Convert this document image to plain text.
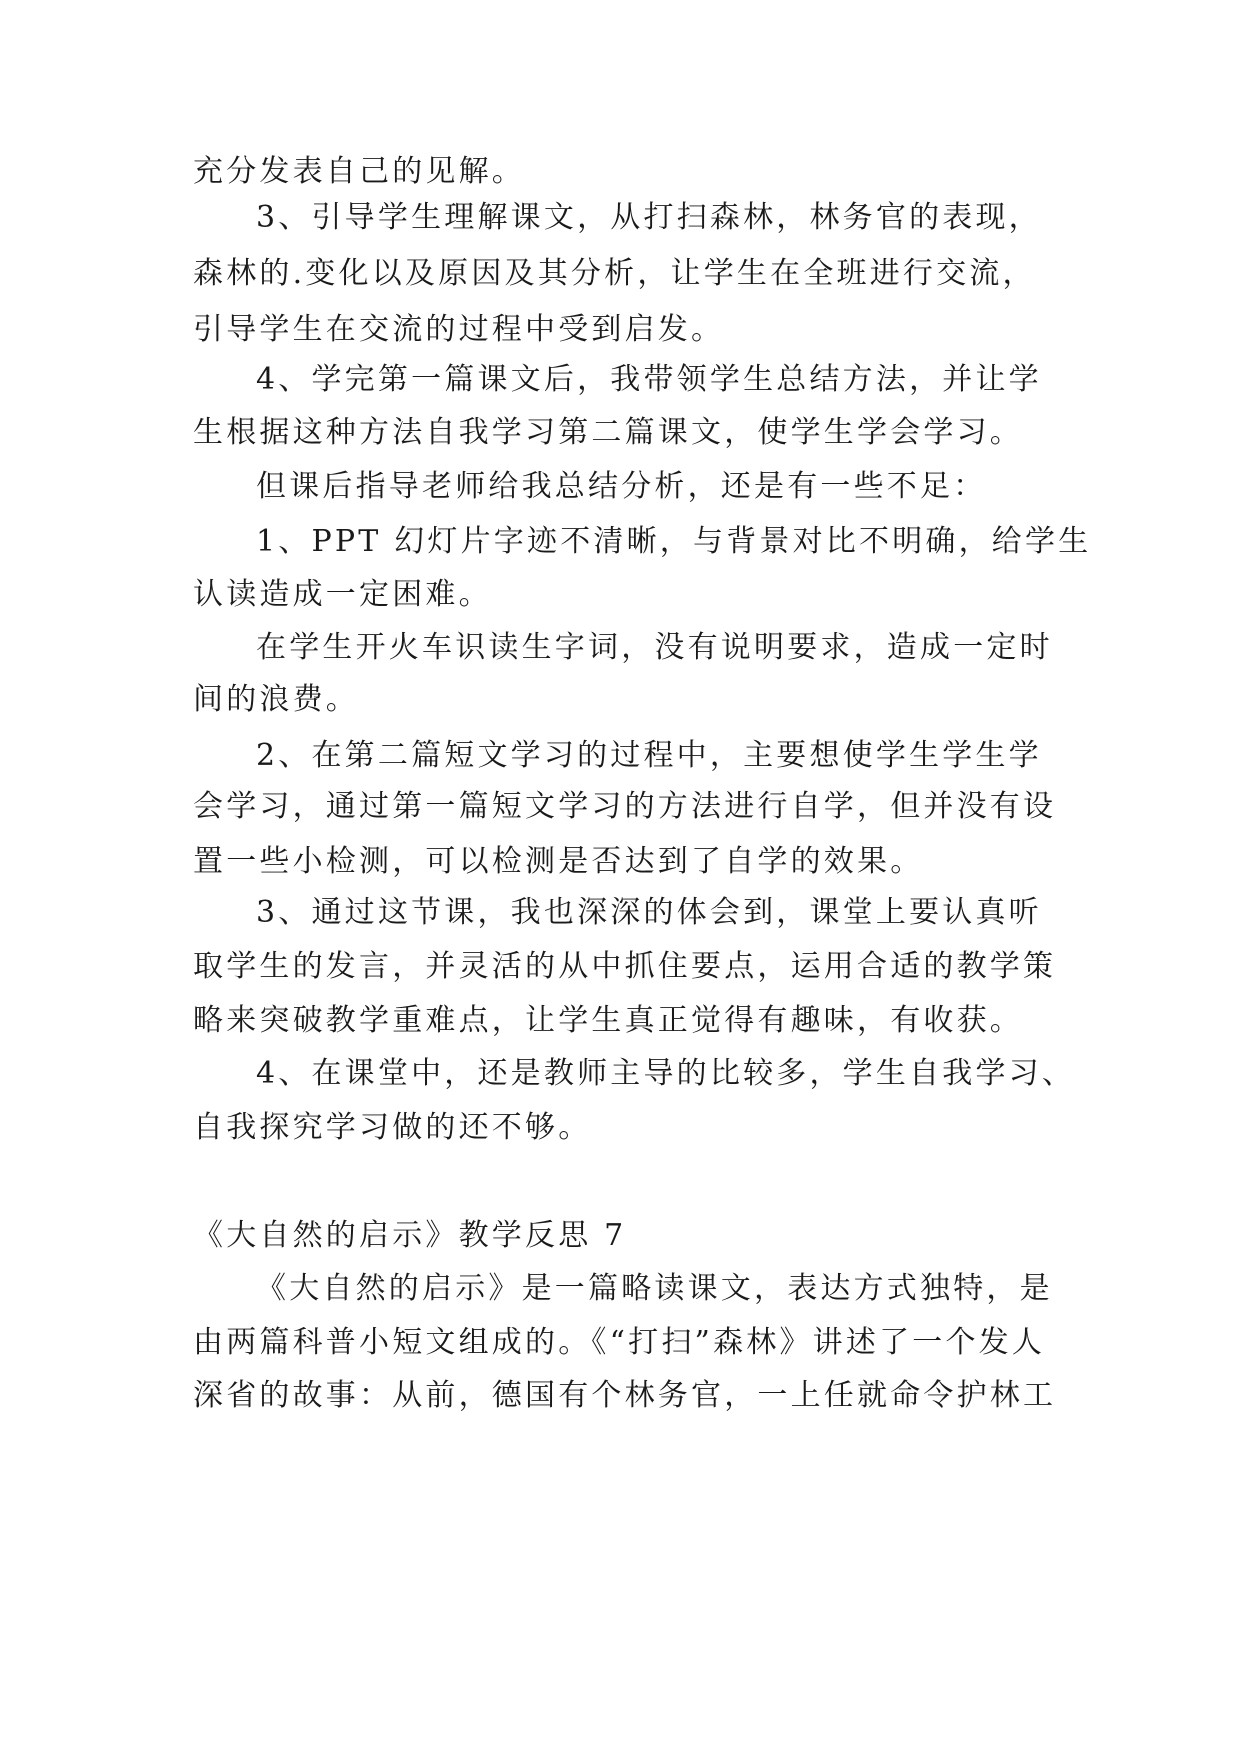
充分发表自己的见解。

3、引导学生理解课文，从打扫森林，林务官的表现，

森林的.变化以及原因及其分析，让学生在全班进行交流，

引导学生在交流的过程中受到启发。

4、学完第一篇课文后，我带领学生总结方法，并让学

生根据这种方法自我学习第二篇课文，使学生学会学习。

但课后指导老师给我总结分析，还是有一些不足：

1、PPT 幻灯片字迹不清晰，与背景对比不明确，给学生

认读造成一定困难。

在学生开火车识读生字词，没有说明要求，造成一定时

间的浪费。

2、在第二篇短文学习的过程中，主要想使学生学生学

会学习，通过第一篇短文学习的方法进行自学，但并没有设

置一些小检测，可以检测是否达到了自学的效果。

3、通过这节课，我也深深的体会到，课堂上要认真听

取学生的发言，并灵活的从中抓住要点，运用合适的教学策

略来突破教学重难点，让学生真正觉得有趣味，有收获。

4、在课堂中，还是教师主导的比较多，学生自我学习、

自我探究学习做的还不够。

《大自然的启示》教学反思 7

《大自然的启示》是一篇略读课文，表达方式独特，是

由两篇科普小短文组成的。《“打扫”森林》讲述了一个发人

深省的故事：从前，德国有个林务官，一上任就命令护林工
